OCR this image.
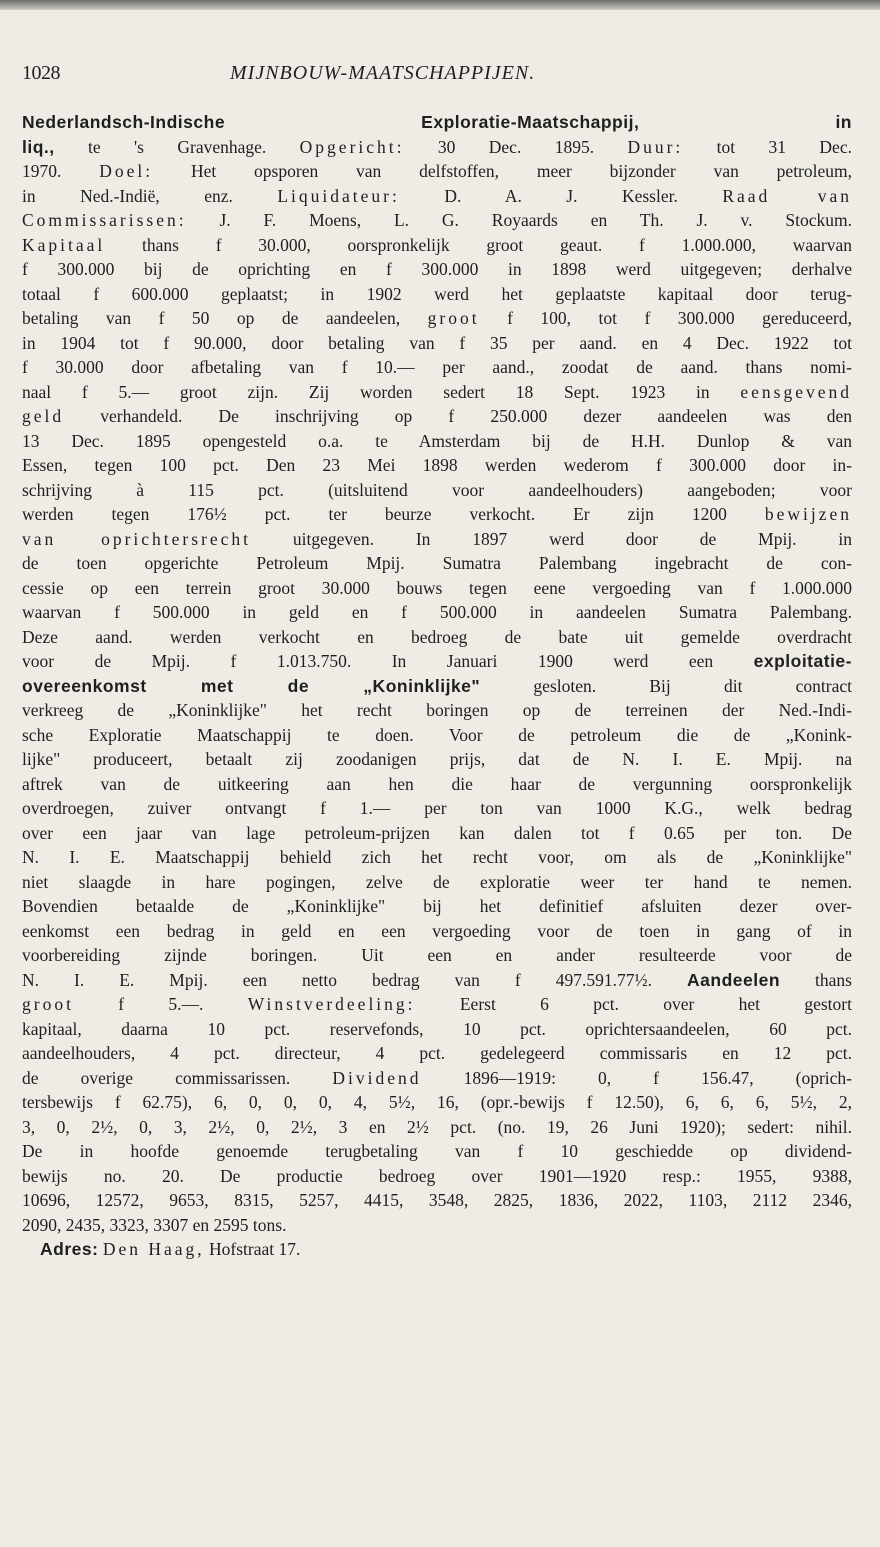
1028	MIJNBOUW-MAATSCHAPPIJEN.
Nederlandsch-Indische Exploratie-Maatschappij, in
liq., te 's Gravenhage. Opgericht: 30 Dec. 1895. Duur: tot 31 Dec.
1970. Doel: Het opsporen van delfstoffen, meer bijzonder van petroleum,
in Ned.-Indië, enz. Liquidateur: D. A. J. Kessler. Raad van
Commissarissen: J. F. Moens, L. G. Royaards en Th. J. v. Stockum.
Kapitaal thans f 30.000, oorspronkelijk groot geaut. f 1.000.000, waarvan
f 300.000 bij de oprichting en f 300.000 in 1898 werd uitgegeven; derhalve
totaal f 600.000 geplaatst; in 1902 werd het geplaatste kapitaal door terug-
betaling van f 50 op de aandeelen, groot f 100, tot f 300.000 gereduceerd,
in 1904 tot f 90.000, door betaling van f 35 per aand. en 4 Dec. 1922 tot
f 30.000 door afbetaling van f 10.— per aand., zoodat de aand. thans nomi-
naal f 5.— groot zijn. Zij worden sedert 18 Sept. 1923 in eensgevend
geld verhandeld. De inschrijving op f 250.000 dezer aandeelen was den
13 Dec. 1895 opengesteld o.a. te Amsterdam bij de H.H. Dunlop & van
Essen, tegen 100 pct. Den 23 Mei 1898 werden wederom f 300.000 door in-
schrijving à 115 pct. (uitsluitend voor aandeelhouders) aangeboden; voor
werden tegen 176½ pct. ter beurze verkocht. Er zijn 1200 bewijzen
van oprichtersrecht uitgegeven. In 1897 werd door de Mpij. in
de toen opgerichte Petroleum Mpij. Sumatra Palembang ingebracht de con-
cessie op een terrein groot 30.000 bouws tegen eene vergoeding van f 1.000.000
waarvan f 500.000 in geld en f 500.000 in aandeelen Sumatra Palembang.
Deze aand. werden verkocht en bedroeg de bate uit gemelde overdracht
voor de Mpij. f 1.013.750. In Januari 1900 werd een exploitatie-
overeenkomst met de „Koninklijke" gesloten. Bij dit contract
verkreeg de „Koninklijke" het recht boringen op de terreinen der Ned.-Indi-
sche Exploratie Maatschappij te doen. Voor de petroleum die de „Konink-
lijke" produceert, betaalt zij zoodanigen prijs, dat de N. I. E. Mpij. na
aftrek van de uitkeering aan hen die haar de vergunning oorspronkelijk
overdroegen, zuiver ontvangt f 1.— per ton van 1000 K.G., welk bedrag
over een jaar van lage petroleum-prijzen kan dalen tot f 0.65 per ton. De
N. I. E. Maatschappij behield zich het recht voor, om als de „Koninklijke"
niet slaagde in hare pogingen, zelve de exploratie weer ter hand te nemen.
Bovendien betaalde de „Koninklijke" bij het definitief afsluiten dezer over-
eenkomst een bedrag in geld en een vergoeding voor de toen in gang of in
voorbereiding zijnde boringen. Uit een en ander resulteerde voor de
N. I. E. Mpij. een netto bedrag van f 497.591.77½. Aandeelen thans
groot f 5.—. Winstverdeeling: Eerst 6 pct. over het gestort
kapitaal, daarna 10 pct. reservefonds, 10 pct. oprichtersaandeelen, 60 pct.
aandeelhouders, 4 pct. directeur, 4 pct. gedelegeerd commissaris en 12 pct.
de overige commissarissen. Dividend 1896—1919: 0, f 156.47, (oprich-
tersbewijs f 62.75), 6, 0, 0, 0, 4, 5½, 16, (opr.-bewijs f 12.50), 6, 6, 6, 5½, 2,
3, 0, 2½, 0, 3, 2½, 0, 2½, 3 en 2½ pct. (no. 19, 26 Juni 1920); sedert: nihil.
De in hoofde genoemde terugbetaling van f 10 geschiedde op dividend-
bewijs no. 20. De productie bedroeg over 1901—1920 resp.: 1955, 9388,
10696, 12572, 9653, 8315, 5257, 4415, 3548, 2825, 1836, 2022, 1103, 2112 2346,
2090, 2435, 3323, 3307 en 2595 tons.
Adres: Den Haag, Hofstraat 17.
